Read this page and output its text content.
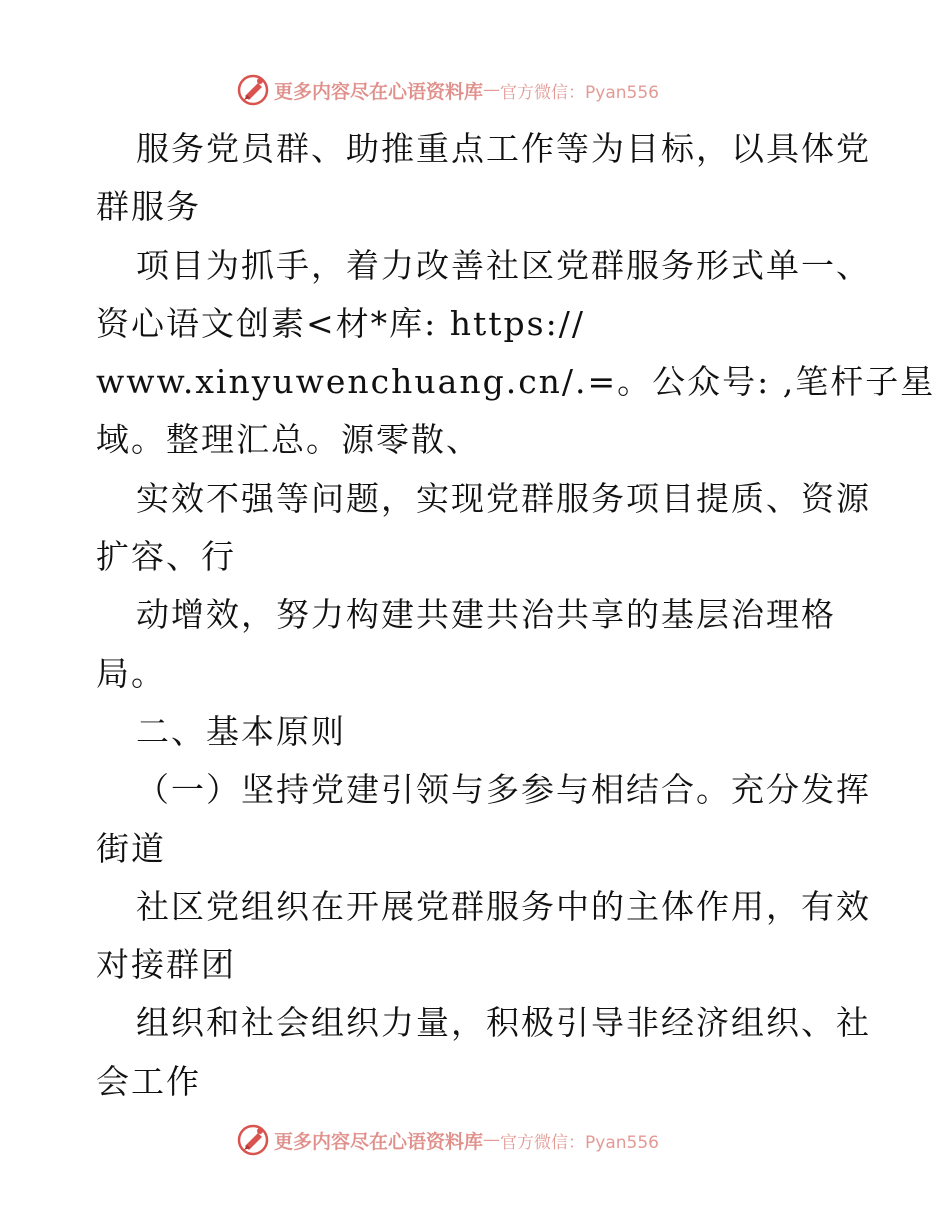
更多内容尽在心语资料库 — 官方微信：Pyan556
服务党员群、助推重点工作等为目标，以具体党
群服务
项目为抓手，着力改善社区党群服务形式单一、
资心语文创素<材*库: https://
www.xinyuwenchuang.cn/.=。公众号: ,笔杆子星
域。整理汇总。源零散、
实效不强等问题，实现党群服务项目提质、资源
扩容、行
动增效，努力构建共建共治共享的基层治理格
局。
二、基本原则
（一）坚持党建引领与多参与相结合。充分发挥
街道
社区党组织在开展党群服务中的主体作用，有效
对接群团
组织和社会组织力量，积极引导非经济组织、社
会工作
更多内容尽在心语资料库 — 官方微信：Pyan556
